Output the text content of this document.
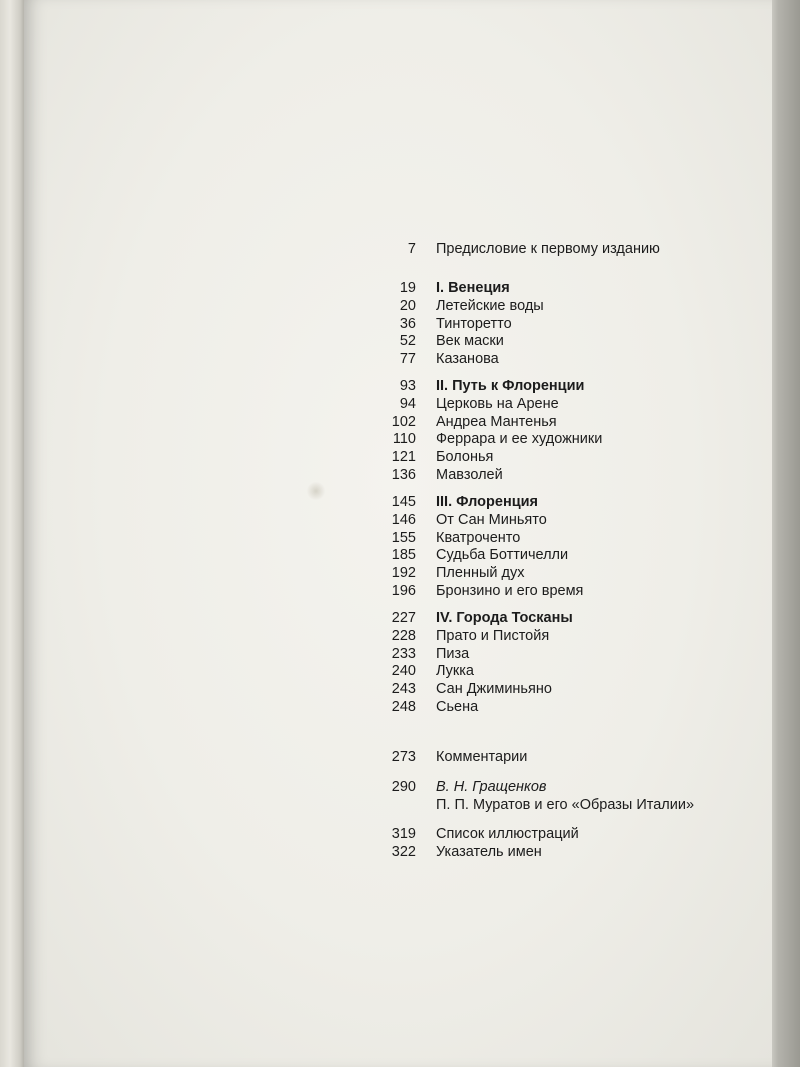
7 Предисловие к первому изданию
19 I. Венеция
20 Летейские воды
36 Тинторетто
52 Век маски
77 Казанова
93 II. Путь к Флоренции
94 Церковь на Арене
102 Андреа Мантенья
110 Феррара и ее художники
121 Болонья
136 Мавзолей
145 III. Флоренция
146 От Сан Миньято
155 Кватроченто
185 Судьба Боттичелли
192 Пленный дух
196 Бронзино и его время
227 IV. Города Тосканы
228 Прато и Пистойя
233 Пиза
240 Лукка
243 Сан Джиминьяно
248 Сьена
273 Комментарии
290 В. Н. Гращенков
П. П. Муратов и его «Образы Италии»
319 Список иллюстраций
322 Указатель имен
